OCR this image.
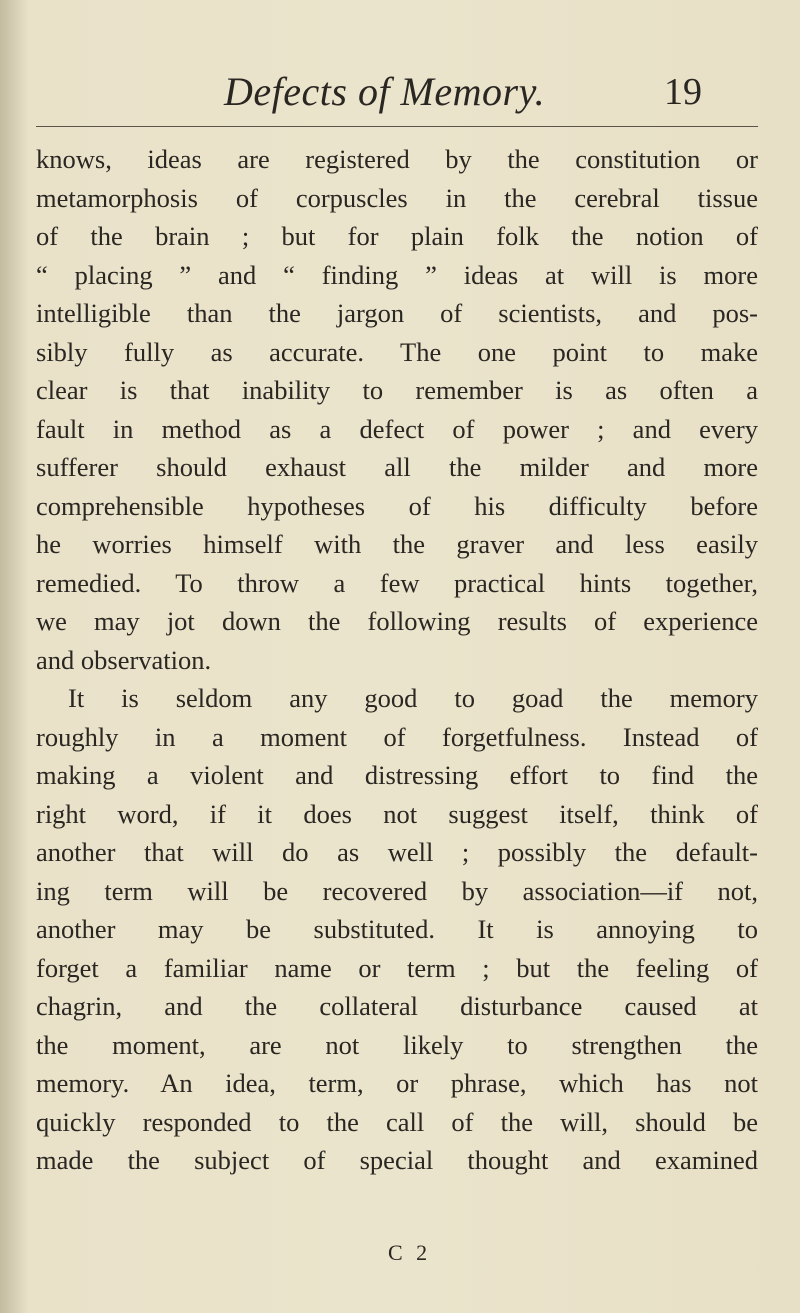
Defects of Memory.	19
knows, ideas are registered by the constitution or
metamorphosis of corpuscles in the cerebral tissue
of the brain ; but for plain folk the notion of
“ placing ” and “ finding ” ideas at will is more
intelligible than the jargon of scientists, and pos-
sibly fully as accurate. The one point to make
clear is that inability to remember is as often a
fault in method as a defect of power ; and every
sufferer should exhaust all the milder and more
comprehensible hypotheses of his difficulty before
he worries himself with the graver and less easily
remedied. To throw a few practical hints together,
we may jot down the following results of experience
and observation.
It is seldom any good to goad the memory
roughly in a moment of forgetfulness. Instead of
making a violent and distressing effort to find the
right word, if it does not suggest itself, think of
another that will do as well ; possibly the default-
ing term will be recovered by association—if not,
another may be substituted. It is annoying to
forget a familiar name or term ; but the feeling of
chagrin, and the collateral disturbance caused at
the moment, are not likely to strengthen the
memory. An idea, term, or phrase, which has not
quickly responded to the call of the will, should be
made the subject of special thought and examined
C 2
